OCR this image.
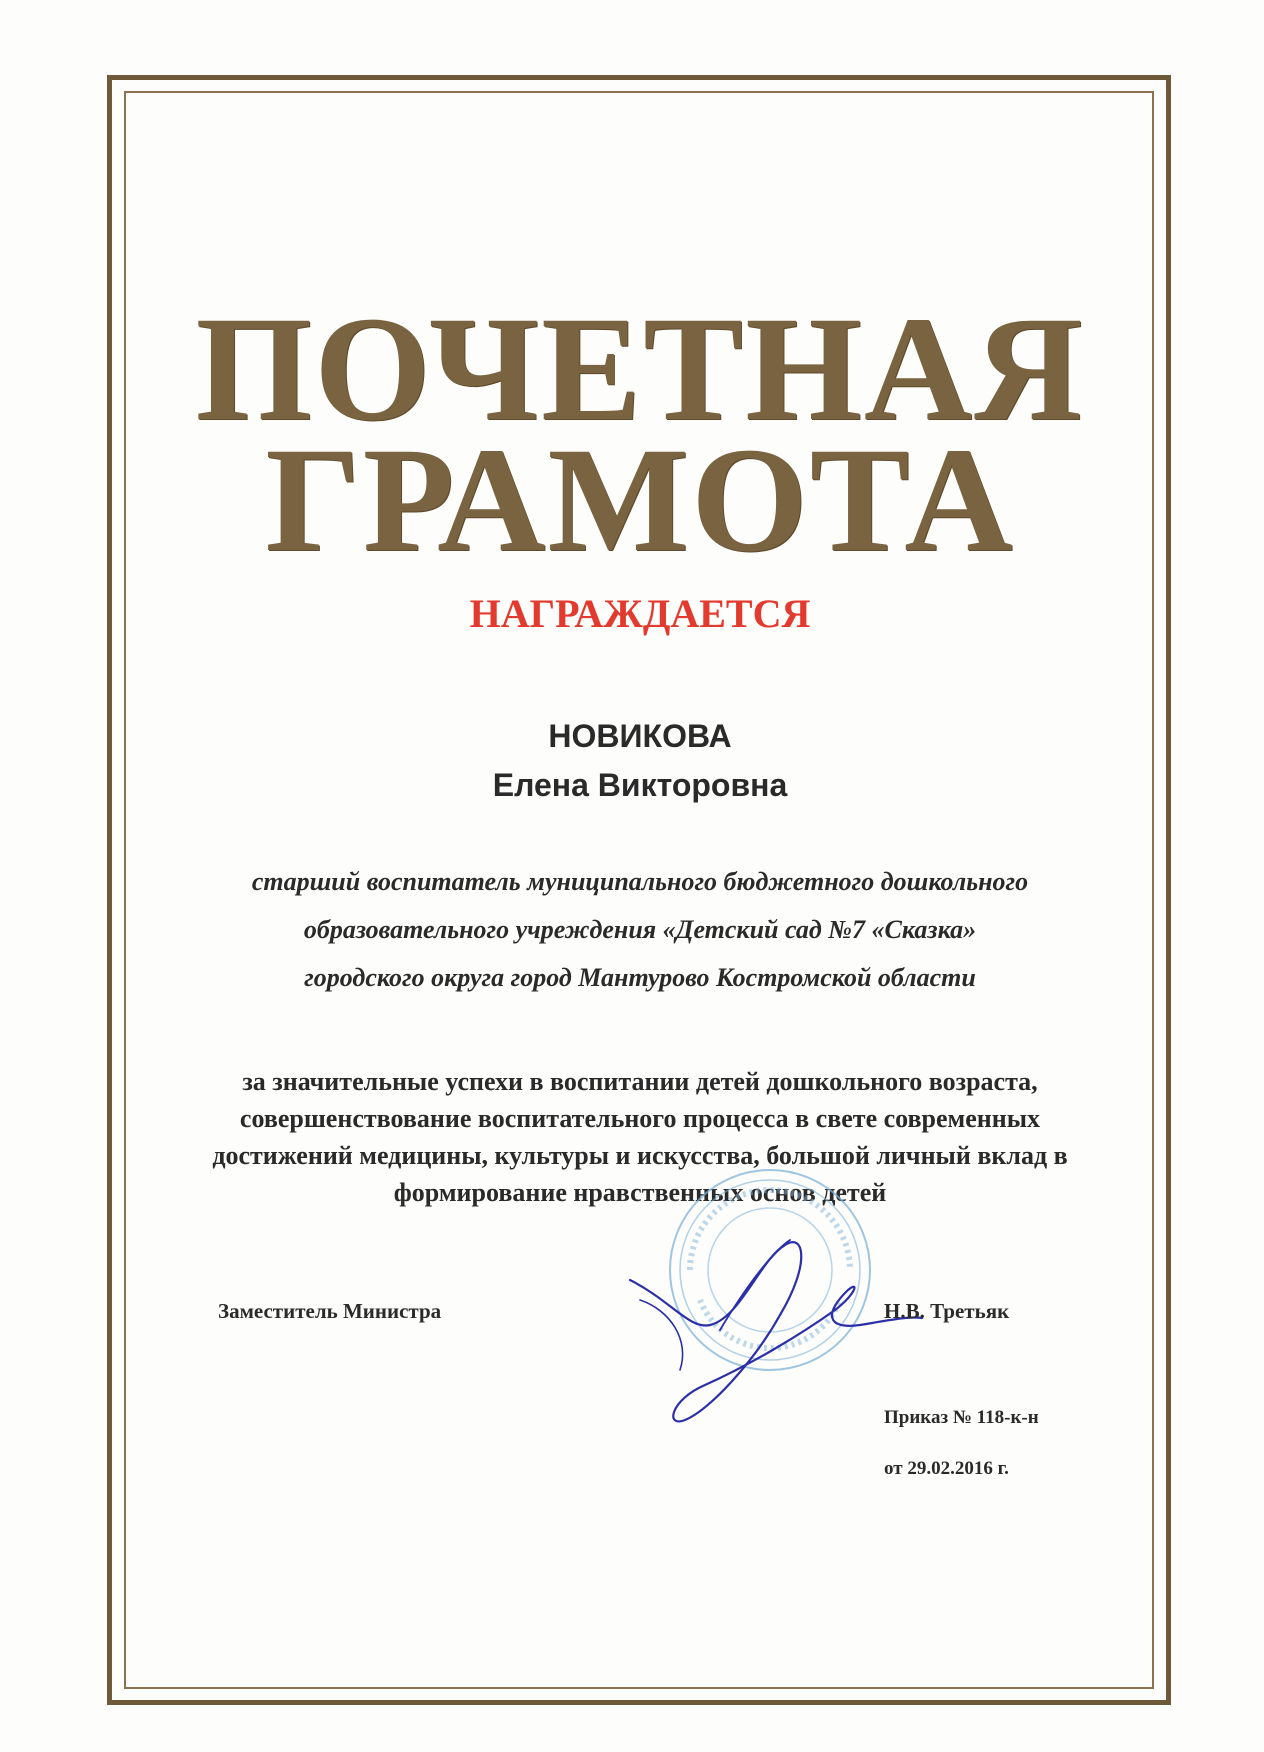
ПОЧЕТНАЯ
ГРАМОТА
НАГРАЖДАЕТСЯ
НОВИКОВА
Елена Викторовна
старший воспитатель муниципального бюджетного дошкольного
образовательного учреждения «Детский сад №7 «Сказка»
городского округа город Мантурово Костромской области
за значительные успехи в воспитании детей дошкольного возраста,
совершенствование воспитательного процесса в свете современных
достижений медицины, культуры и искусства, большой личный вклад в
формирование нравственных основ детей
Заместитель Министра	Н.В. Третьяк
Приказ № 118-к-н
от 29.02.2016 г.
